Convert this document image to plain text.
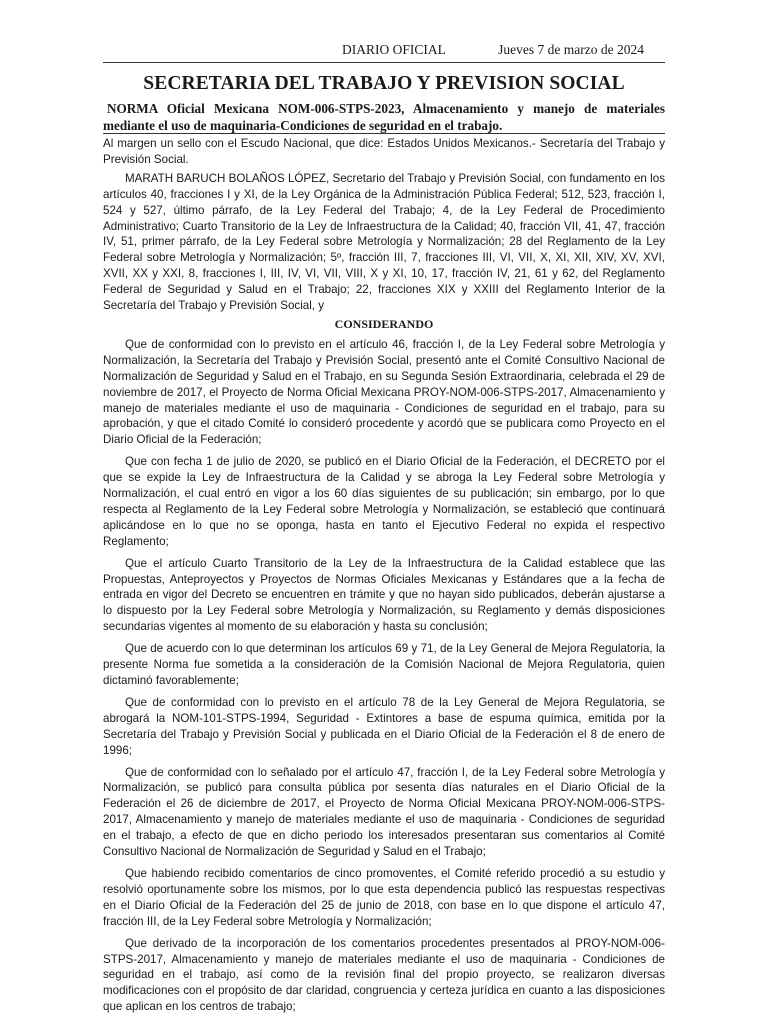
DIARIO OFICIAL	Jueves 7 de marzo de 2024
SECRETARIA DEL TRABAJO Y PREVISION SOCIAL
NORMA Oficial Mexicana NOM-006-STPS-2023, Almacenamiento y manejo de materiales mediante el uso de maquinaria-Condiciones de seguridad en el trabajo.

Al margen un sello con el Escudo Nacional, que dice: Estados Unidos Mexicanos.- Secretaría del Trabajo y Previsión Social.

MARATH BARUCH BOLAÑOS LÓPEZ, Secretario del Trabajo y Previsión Social, con fundamento en los artículos 40, fracciones I y XI, de la Ley Orgánica de la Administración Pública Federal; 512, 523, fracción I, 524 y 527, último párrafo, de la Ley Federal del Trabajo; 4, de la Ley Federal de Procedimiento Administrativo; Cuarto Transitorio de la Ley de Infraestructura de la Calidad; 40, fracción VII, 41, 47, fracción IV, 51, primer párrafo, de la Ley Federal sobre Metrología y Normalización; 28 del Reglamento de la Ley Federal sobre Metrología y Normalización; 5º, fracción III, 7, fracciones III, VI, VII, X, XI, XII, XIV, XV, XVI, XVII, XX y XXI, 8, fracciones I, III, IV, VI, VII, VIII, X y XI, 10, 17, fracción IV, 21, 61 y 62, del Reglamento Federal de Seguridad y Salud en el Trabajo; 22, fracciones XIX y XXIII del Reglamento Interior de la Secretaría del Trabajo y Previsión Social, y

CONSIDERANDO

Que de conformidad con lo previsto en el artículo 46, fracción I, de la Ley Federal sobre Metrología y Normalización, la Secretaría del Trabajo y Previsión Social, presentó ante el Comité Consultivo Nacional de Normalización de Seguridad y Salud en el Trabajo, en su Segunda Sesión Extraordinaria, celebrada el 29 de noviembre de 2017, el Proyecto de Norma Oficial Mexicana PROY-NOM-006-STPS-2017, Almacenamiento y manejo de materiales mediante el uso de maquinaria - Condiciones de seguridad en el trabajo, para su aprobación, y que el citado Comité lo consideró procedente y acordó que se publicara como Proyecto en el Diario Oficial de la Federación;

Que con fecha 1 de julio de 2020, se publicó en el Diario Oficial de la Federación, el DECRETO por el que se expide la Ley de Infraestructura de la Calidad y se abroga la Ley Federal sobre Metrología y Normalización, el cual entró en vigor a los 60 días siguientes de su publicación; sin embargo, por lo que respecta al Reglamento de la Ley Federal sobre Metrología y Normalización, se estableció que continuará aplicándose en lo que no se oponga, hasta en tanto el Ejecutivo Federal no expida el respectivo Reglamento;

Que el artículo Cuarto Transitorio de la Ley de la Infraestructura de la Calidad establece que las Propuestas, Anteproyectos y Proyectos de Normas Oficiales Mexicanas y Estándares que a la fecha de entrada en vigor del Decreto se encuentren en trámite y que no hayan sido publicados, deberán ajustarse a lo dispuesto por la Ley Federal sobre Metrología y Normalización, su Reglamento y demás disposiciones secundarias vigentes al momento de su elaboración y hasta su conclusión;

Que de acuerdo con lo que determinan los artículos 69 y 71, de la Ley General de Mejora Regulatoria, la presente Norma fue sometida a la consideración de la Comisión Nacional de Mejora Regulatoria, quien dictaminó favorablemente;

Que de conformidad con lo previsto en el artículo 78 de la Ley General de Mejora Regulatoria, se abrogará la NOM-101-STPS-1994, Seguridad - Extintores a base de espuma química, emitida por la Secretaría del Trabajo y Previsión Social y publicada en el Diario Oficial de la Federación el 8 de enero de 1996;

Que de conformidad con lo señalado por el artículo 47, fracción I, de la Ley Federal sobre Metrología y Normalización, se publicó para consulta pública por sesenta días naturales en el Diario Oficial de la Federación el 26 de diciembre de 2017, el Proyecto de Norma Oficial Mexicana PROY-NOM-006-STPS-2017, Almacenamiento y manejo de materiales mediante el uso de maquinaria - Condiciones de seguridad en el trabajo, a efecto de que en dicho periodo los interesados presentaran sus comentarios al Comité Consultivo Nacional de Normalización de Seguridad y Salud en el Trabajo;

Que habiendo recibido comentarios de cinco promoventes, el Comité referido procedió a su estudio y resolvió oportunamente sobre los mismos, por lo que esta dependencia publicó las respuestas respectivas en el Diario Oficial de la Federación del 25 de junio de 2018, con base en lo que dispone el artículo 47, fracción III, de la Ley Federal sobre Metrología y Normalización;

Que derivado de la incorporación de los comentarios procedentes presentados al PROY-NOM-006-STPS-2017, Almacenamiento y manejo de materiales mediante el uso de maquinaria - Condiciones de seguridad en el trabajo, así como de la revisión final del propio proyecto, se realizaron diversas modificaciones con el propósito de dar claridad, congruencia y certeza jurídica en cuanto a las disposiciones que aplican en los centros de trabajo;
